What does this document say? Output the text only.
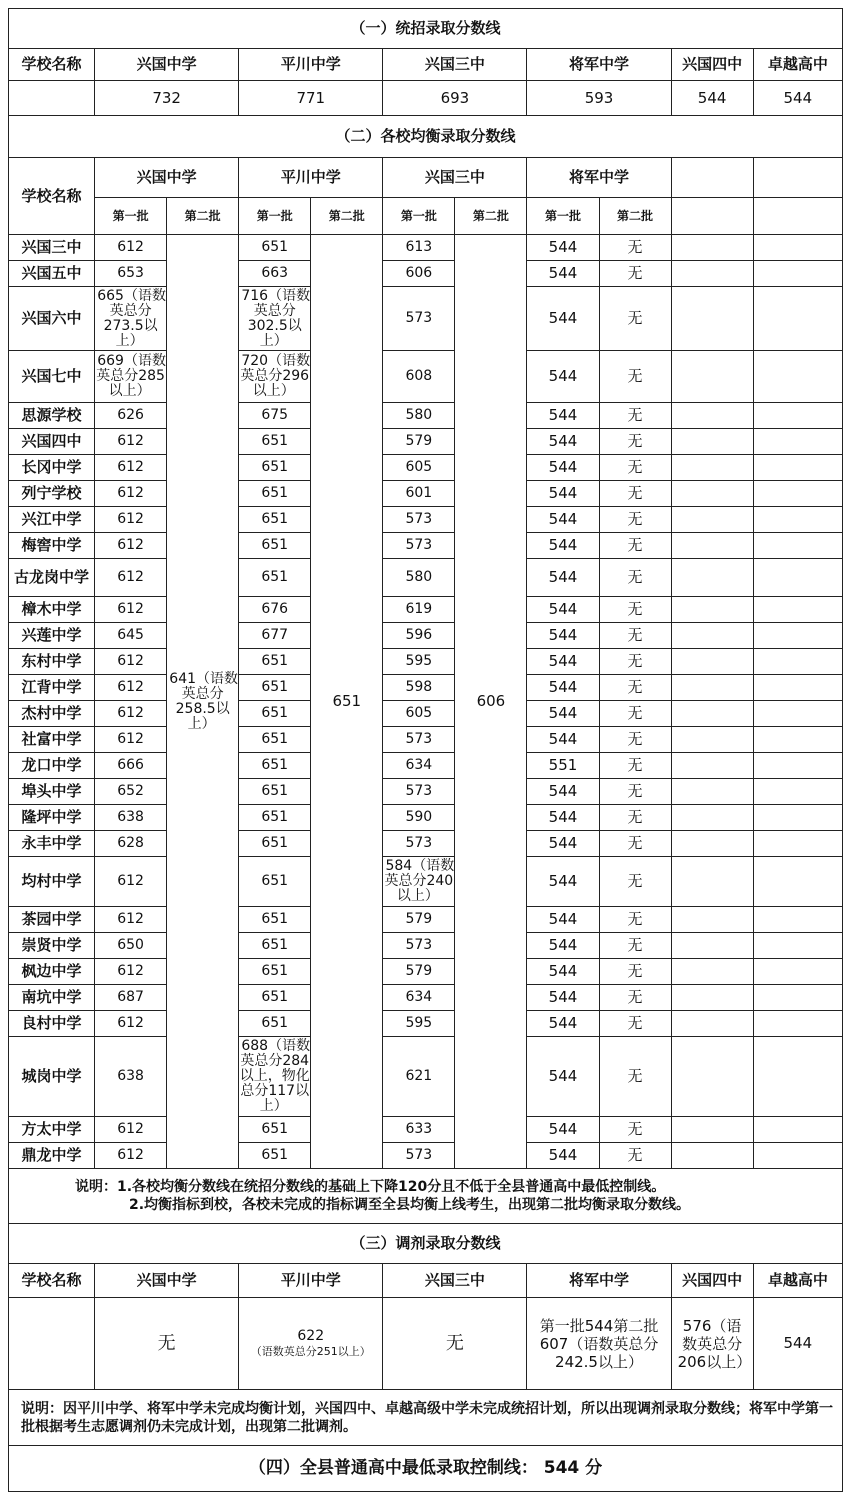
（一）统招录取分数线										
学校名称	兴国中学		平川中学		兴国三中		将军中学		兴国四中	卓越高中
	732		771		693		593		544	544
（二）各校均衡录取分数线										
学校名称	兴国中学		平川中学		兴国三中		将军中学			
	第一批	第二批	第一批	第二批	第一批	第二批	第一批	第二批		
兴国三中	612	641（语数英总分258.5以上）	651	651	613	606	544	无		
兴国五中	653		663		606		544	无		
兴国六中	665（语数英总分273.5以上）		716（语数英总分302.5以上）		573		544	无		
兴国七中	669（语数英总分285以上）		720（语数英总分296以上）		608		544	无		
思源学校	626		675		580		544	无		
兴国四中	612		651		579		544	无		
长冈中学	612		651		605		544	无		
列宁学校	612		651		601		544	无		
兴江中学	612		651		573		544	无		
梅窖中学	612		651		573		544	无		
古龙岗中学	612		651		580		544	无		
樟木中学	612		676		619		544	无		
兴莲中学	645		677		596		544	无		
东村中学	612		651		595		544	无		
江背中学	612		651		598		544	无		
杰村中学	612		651		605		544	无		
社富中学	612		651		573		544	无		
龙口中学	666		651		634		551	无		
埠头中学	652		651		573		544	无		
隆坪中学	638		651		590		544	无		
永丰中学	628		651		573		544	无		
均村中学	612		651		584（语数英总分240以上）		544	无		
茶园中学	612		651		579		544	无		
崇贤中学	650		651		573		544	无		
枫边中学	612		651		579		544	无		
南坑中学	687		651		634		544	无		
良村中学	612		651		595		544	无		
城岗中学	638		688（语数英总分284以上，物化总分117以上）		621		544	无		
方太中学	612		651		633		544	无		
鼎龙中学	612		651		573		544	无		

说明：1.各校均衡分数线在统招分数线的基础上下降120分且不低于全县普通高中最低控制线。
2.均衡指标到校，各校未完成的指标调至全县均衡上线考生，出现第二批均衡录取分数线。										

（三）调剂录取分数线										
学校名称	兴国中学		平川中学		兴国三中		将军中学		兴国四中	卓越高中
	无		622（语数英总分251以上）		无		第一批544第二批607（语数英总分242.5以上）		576（语数英总分206以上）	544

说明：因平川中学、将军中学未完成均衡计划，兴国四中、卓越高级中学未完成统招计划，所以出现调剂录取分数线；将军中学第一批根据考生志愿调剂仍未完成计划，出现第二批调剂。										

（四）全县普通高中最低录取控制线： 544 分										
